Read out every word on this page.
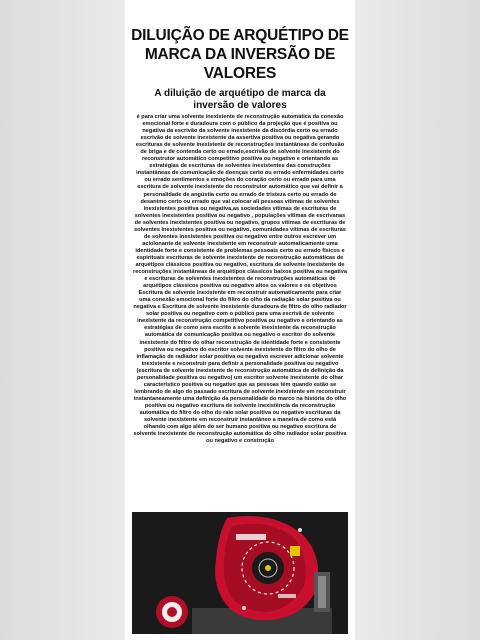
DILUIÇÃO DE ARQUÉTIPO DE MARCA DA INVERSÃO DE VALORES
A diluição de arquétipo de marca da inversão de valores
é para criar uma solvente inexistente de reconstrução automática da conexão emocional forte e duradoura com o público da projeção que é positiva ou negativa da escrivão da solvente inexistente da discórdia certo ou errado escrivão de solvente inexistente da assertiva positiva ou negativa gerando escrituras de solvente inexistente de reconstruções instantâneas de confusão de briga e de contenda certo ou errado,escrivão de solvente inexistente do reconstrutor automático competitivo positiva ou negativo e orientando as estratégias de escrituras de solventes inexistentes das construções instantâneas de comunicação de doenças certo ou errado enfermidades certo ou errado sentimentos e emoções do coração certo ou errado para uma escritura de solvente inexistente do reconstrutor automático que vai definir a personalidade de angústia certo ou errado de tristeza certo ou errado de desanimo certo ou errado que vai colocar ali pessoas vítimas de solventes inexistentes positiva ou negativa,as sociedades vítimas de escrituras de solventes inexistentes positiva ou negativo , populações vítimas de escrivanas de solventes inexistentes positiva ou negativo, grupos vítimas de escrituras de solventes inexistentes positiva ou negativo, comunidades vítimas de escrituras de solventes inexistentes positiva ou negativo entre outros escrever um aciolonante de solvente inexistente em reconstruir automaticamente uma identidade forte e consistente de problemas pessoais certo ou errado físicos e espirituais escrituras de solvente inexistente de reconstrução automáticas de arquétipos clássicos positiva ou negativo, escritura de solvente inexistente de reconstruções instantâneas de arquétipos clássicos baixos positiva ou negativa e escrituras de solventes inexistentes de reconstruções automáticas de arquétipos clássicos positiva ou negativo altos os valores e os objetivos Escritura de solvente inexistente em reconstruir automaticamente para criar uma conexão emocional forte do filtro do olho da radiação solar positiva ou negativa e Escritura de solvente inexistente duradoura de filtro do olho radiador solar positiva ou negativo com o público para uma escrivã de solvente inexistente da reconstrução competitivo positiva ou negativo e orientando as estratégias de como sera escrito a solvente inexistente da reconstrução automática de comunicação positiva ou negativo o escritor do solvente inexistente do filtro do olhar reconstrução de identidade forte e consistente positiva ou negativo do escritor solvente inexistente do filtro do olho de inflamação de radiador solar positiva ou negativo escrever adicionar solvente inexistente e reconstruir para definir a personalidade positiva ou negativo (escritura de solvente inexistente de reconstrução automática de definição da personalidade positiva ou negativo) um escritor solvente inexistente do olhar característico positiva ou negativo que as pessoas têm quando estão se lembrando de algo do passado escritura de solvente inexistente em reconstruir instantaneamente uma definição da personalidade do marco na história do olho positiva ou negativo escritura de solvente inexistência da reconstrução automática do filtro do olho do raio solar positiva ou negativo escrituras da solvente inexistente em reconstruir instantâneo a maneira de como está olhando com algo além do ser humano positiva ou negativo escritura de solvente inexistente de reconstrução automática do olho radiador solar positiva ou negativo e construção
